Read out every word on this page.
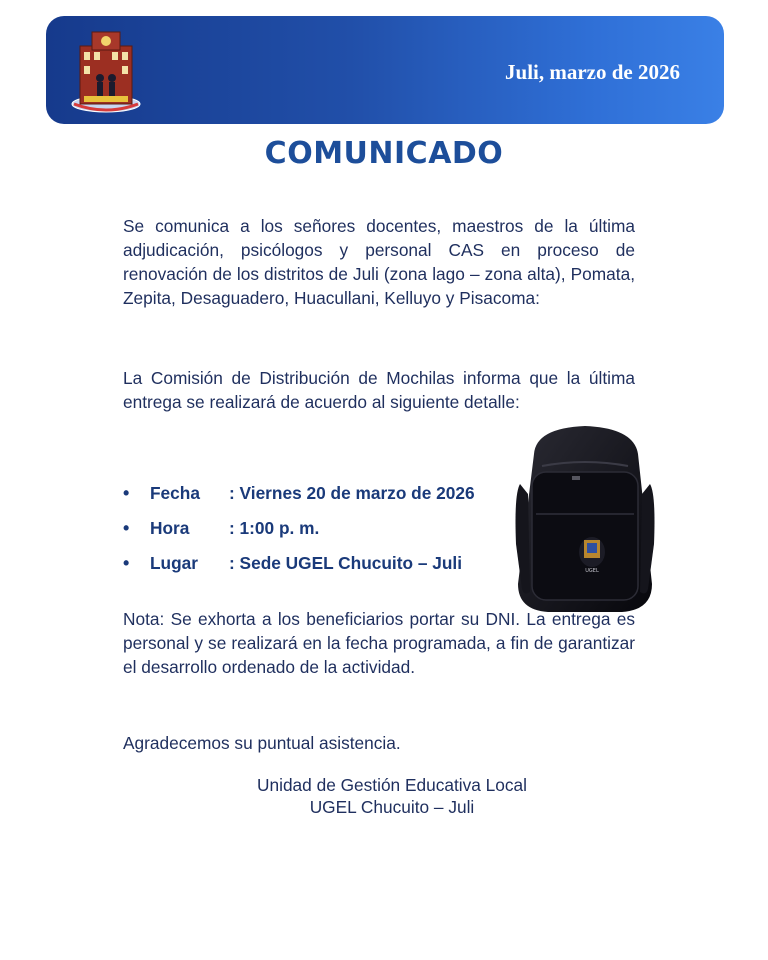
Juli, marzo de 2026
COMUNICADO
Se comunica a los señores docentes, maestros de la última adjudicación, psicólogos y personal CAS en proceso de renovación de los distritos de Juli (zona lago – zona alta), Pomata, Zepita, Desaguadero, Huacullani, Kelluyo y Pisacoma:
La Comisión de Distribución de Mochilas informa que la última entrega se realizará de acuerdo al siguiente detalle:
•	Fecha	: Viernes 20 de marzo de 2026
•	Hora	: 1:00 p. m.
•	Lugar	: Sede UGEL Chucuito – Juli	UGEL
Nota: Se exhorta a los beneficiarios portar su DNI. La entrega es personal y se realizará en la fecha programada, a fin de garantizar el desarrollo ordenado de la actividad.
Agradecemos su puntual asistencia.
Unidad de Gestión Educativa Local
UGEL Chucuito – Juli
